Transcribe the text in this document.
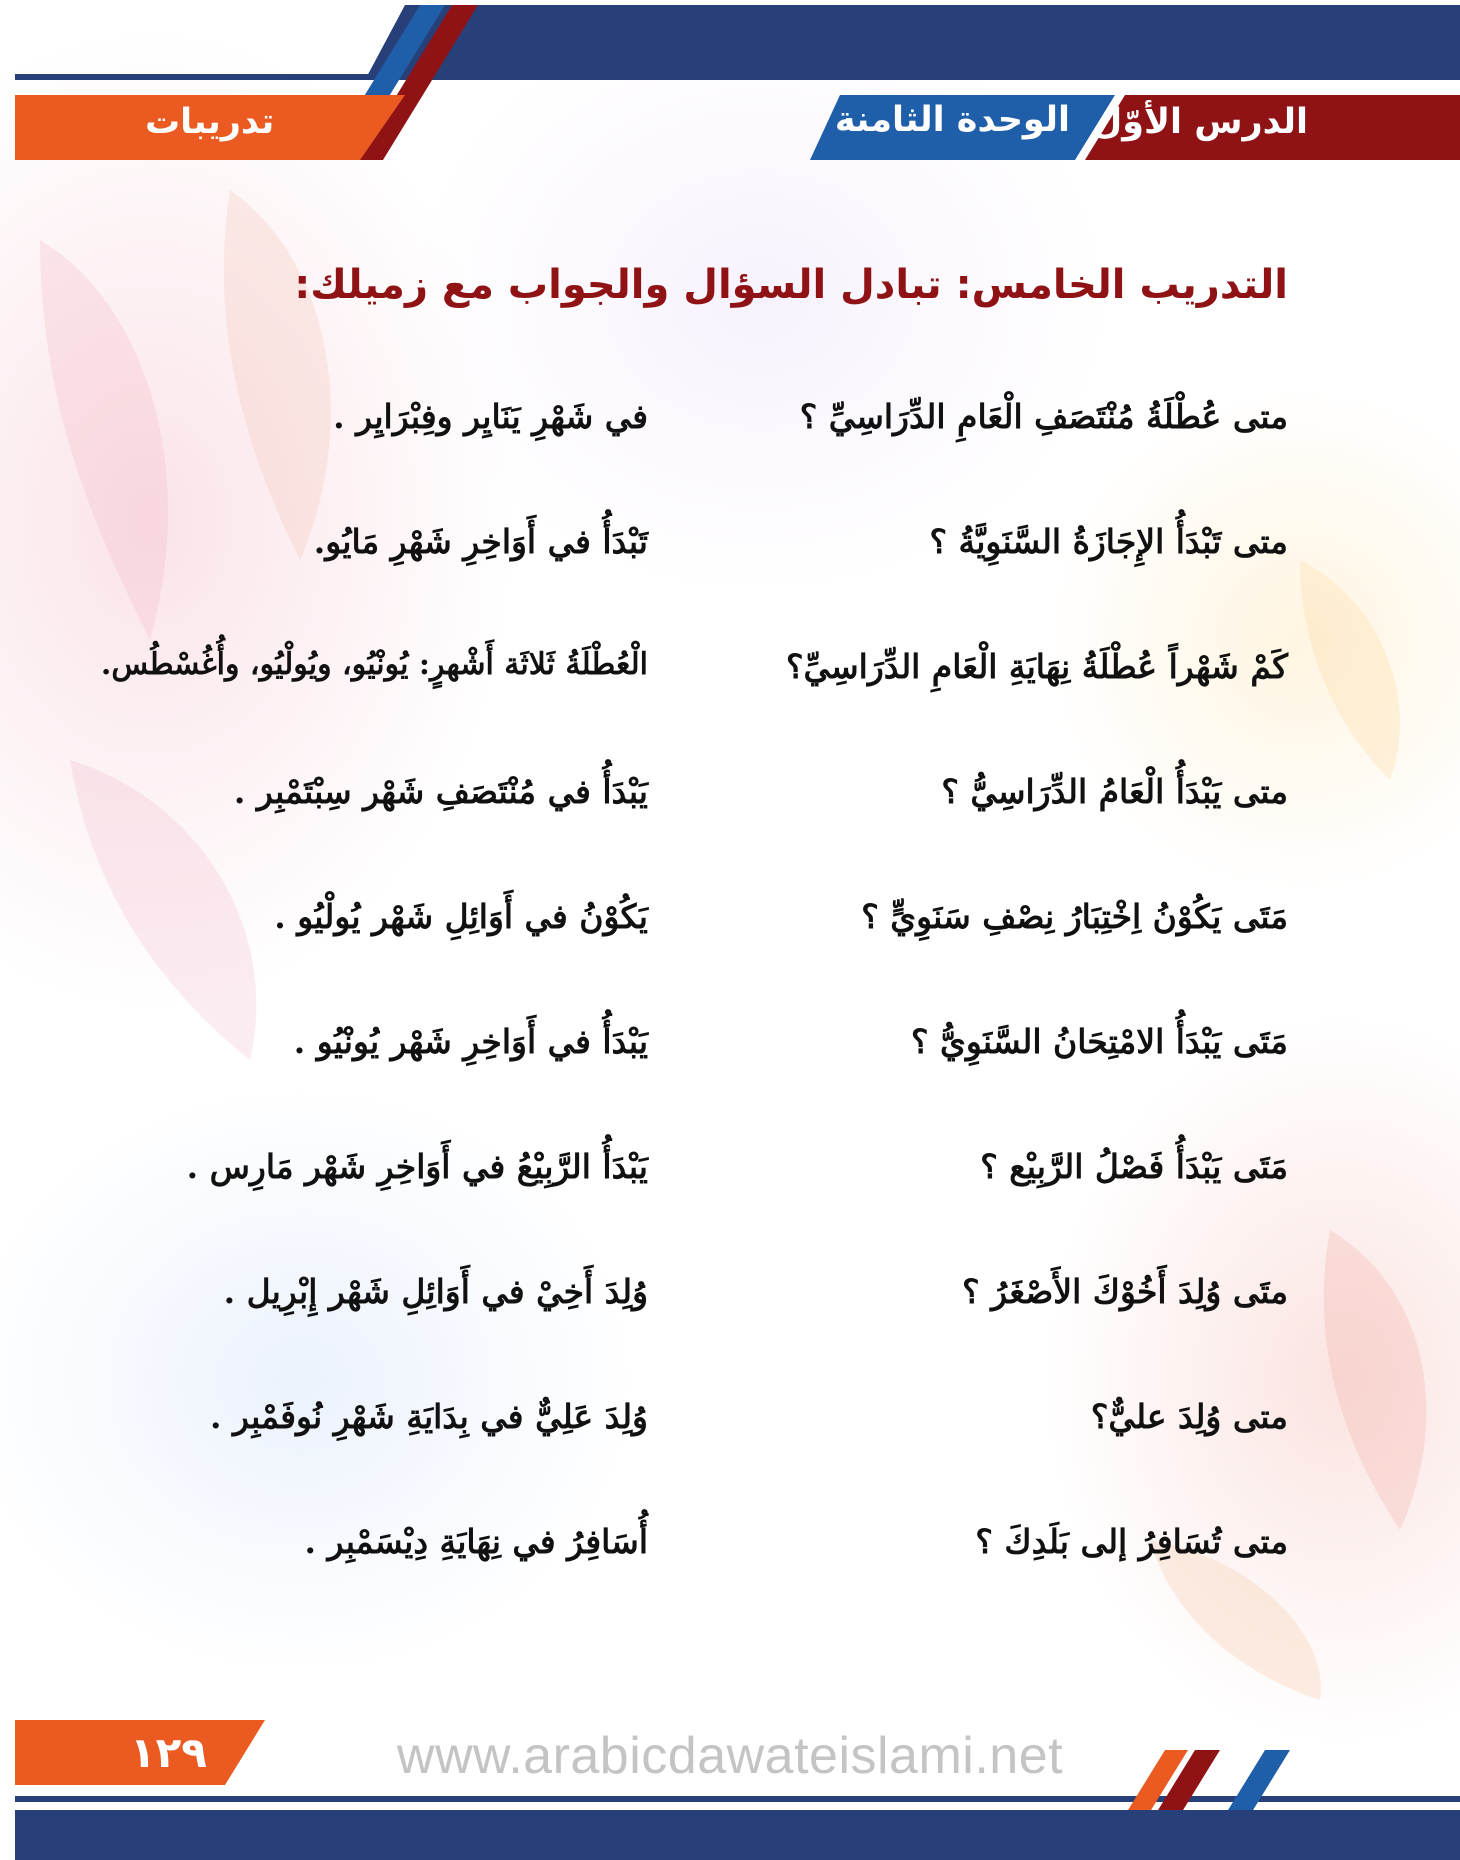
الدرس الأوّل
الوحدة الثامنة
تدريبات
التدريب الخامس: تبادل السؤال والجواب مع زميلك:
متى عُطْلَةُ مُنْتَصَفِ الْعَامِ الدِّرَاسِيِّ ؟
في شَهْرِ يَنَايِر وفِبْرَايِر .
متى تَبْدَأُ الإِجَازَةُ السَّنَوِيَّةُ ؟
تَبْدَأُ في أَوَاخِرِ شَهْرِ مَايُو.
كَمْ شَهْراً عُطْلَةُ نِهَايَةِ الْعَامِ الدِّرَاسِيِّ؟
الْعُطْلَةُ ثَلاثَة أَشْهرٍ: يُونْيُو، ويُولْيُو، وأُغُسْطُس.
متى يَبْدَأُ الْعَامُ الدِّرَاسِيُّ ؟
يَبْدَأُ في مُنْتَصَفِ شَهْر سِبْتَمْبِر .
مَتَى يَكُوْنُ اِخْتِبَارُ نِصْفِ سَنَوِيٍّ ؟
يَكُوْنُ في أَوَائِلِ شَهْر يُولْيُو .
مَتَى يَبْدَأُ الامْتِحَانُ السَّنَوِيُّ ؟
يَبْدَأُ في أَوَاخِرِ شَهْر يُونْيُو .
مَتَى يَبْدَأُ فَصْلُ الرَّبِيْع ؟
يَبْدَأُ الرَّبِيْعُ في أَوَاخِرِ شَهْر مَارِس .
متَى وُلِدَ أَخُوْكَ الأَصْغَرُ ؟
وُلِدَ أَخِيْ في أَوَائِلِ شَهْر إِبْرِيل .
متى وُلِدَ عليٌّ؟
وُلِدَ عَلِيٌّ في بِدَايَةِ شَهْرِ نُوفَمْبِر .
متى تُسَافِرُ إلى بَلَدِكَ ؟
أُسَافِرُ في نِهَايَةِ دِيْسَمْبِر .
١٢٩	www.arabicdawateislami.net
